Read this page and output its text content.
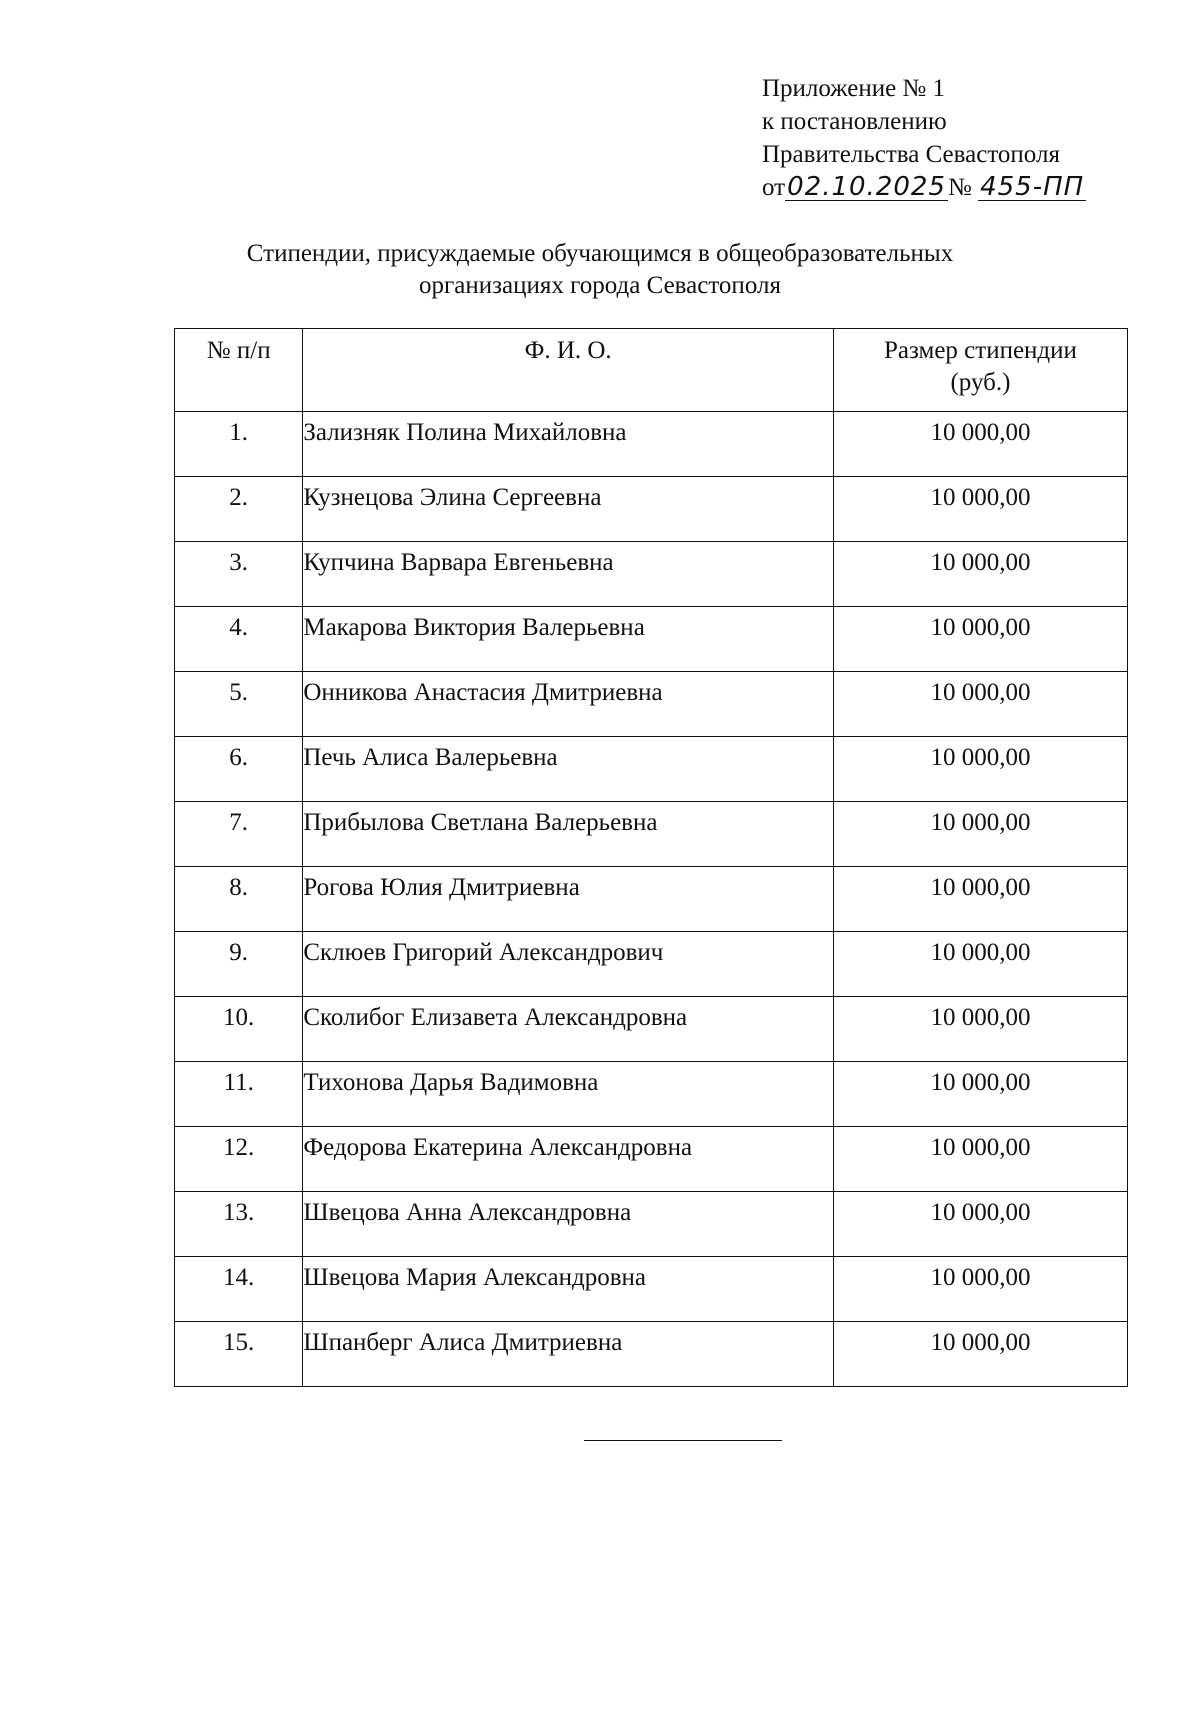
Приложение № 1
к постановлению
Правительства Севастополя
от02.10.2025№ 455-ПП
Стипендии, присуждаемые обучающимся в общеобразовательных
организациях города Севастополя
№ п/п	Ф. И. О.	Размер стипендии
(руб.)

1.	Зализняк Полина Михайловна	10 000,00
2.	Кузнецова Элина Сергеевна	10 000,00
3.	Купчина Варвара Евгеньевна	10 000,00
4.	Макарова Виктория Валерьевна	10 000,00
5.	Онникова Анастасия Дмитриевна	10 000,00
6.	Печь Алиса Валерьевна	10 000,00
7.	Прибылова Светлана Валерьевна	10 000,00
8.	Рогова Юлия Дмитриевна	10 000,00
9.	Склюев Григорий Александрович	10 000,00
10.	Сколибог Елизавета Александровна	10 000,00
11.	Тихонова Дарья Вадимовна	10 000,00
12.	Федорова Екатерина Александровна	10 000,00
13.	Швецова Анна Александровна	10 000,00
14.	Швецова Мария Александровна	10 000,00
15.	Шпанберг Алиса Дмитриевна	10 000,00
